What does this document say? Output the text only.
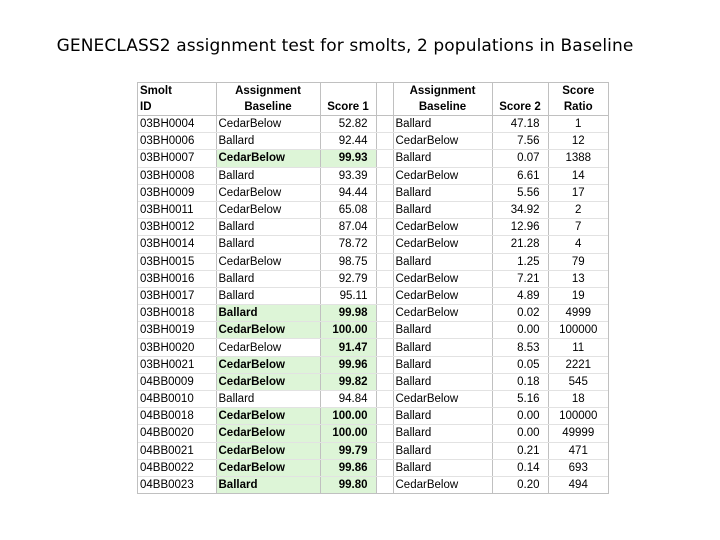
GENECLASS2 assignment test for smolts, 2 populations in Baseline
Smolt	Assignment			Assignment		Score
ID	Baseline	Score 1		Baseline	Score 2	Ratio
03BH0004	CedarBelow	52.82		Ballard	47.18	1
03BH0006	Ballard	92.44		CedarBelow	7.56	12
03BH0007	CedarBelow	99.93		Ballard	0.07	1388
03BH0008	Ballard	93.39		CedarBelow	6.61	14
03BH0009	CedarBelow	94.44		Ballard	5.56	17
03BH0011	CedarBelow	65.08		Ballard	34.92	2
03BH0012	Ballard	87.04		CedarBelow	12.96	7
03BH0014	Ballard	78.72		CedarBelow	21.28	4
03BH0015	CedarBelow	98.75		Ballard	1.25	79
03BH0016	Ballard	92.79		CedarBelow	7.21	13
03BH0017	Ballard	95.11		CedarBelow	4.89	19
03BH0018	Ballard	99.98		CedarBelow	0.02	4999
03BH0019	CedarBelow	100.00		Ballard	0.00	100000
03BH0020	CedarBelow	91.47		Ballard	8.53	11
03BH0021	CedarBelow	99.96		Ballard	0.05	2221
04BB0009	CedarBelow	99.82		Ballard	0.18	545
04BB0010	Ballard	94.84		CedarBelow	5.16	18
04BB0018	CedarBelow	100.00		Ballard	0.00	100000
04BB0020	CedarBelow	100.00		Ballard	0.00	49999
04BB0021	CedarBelow	99.79		Ballard	0.21	471
04BB0022	CedarBelow	99.86		Ballard	0.14	693
04BB0023	Ballard	99.80		CedarBelow	0.20	494
